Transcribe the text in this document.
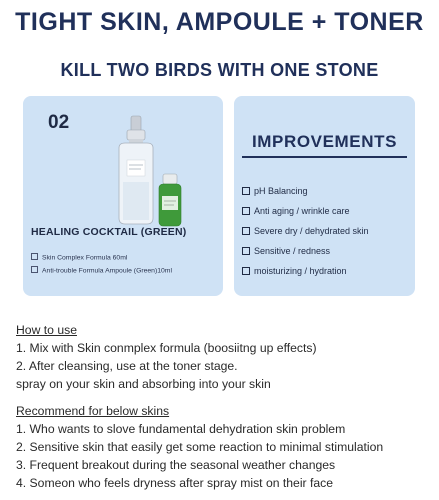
TIGHT SKIN, AMPOULE + TONER
KILL TWO BIRDS WITH ONE STONE
02
HEALING COCKTAIL (GREEN)
Skin Complex Formula 60ml
Anti-trouble Formula Ampoule (Green)10ml
IMPROVEMENTS
pH Balancing
Anti aging / wrinkle care
Severe dry / dehydrated skin
Sensitive / redness
moisturizing / hydration
How to use
1. Mix with Skin conmplex formula (boosiitng up effects)
2. After cleansing, use at the toner stage.
spray on your skin and absorbing into your skin
Recommend for below skins
1. Who wants to slove fundamental dehydration skin problem
2. Sensitive skin that easily get some reaction to minimal stimulation
3. Frequent breakout during the seasonal weather changes
4. Someon who feels dryness after spray mist on their face
